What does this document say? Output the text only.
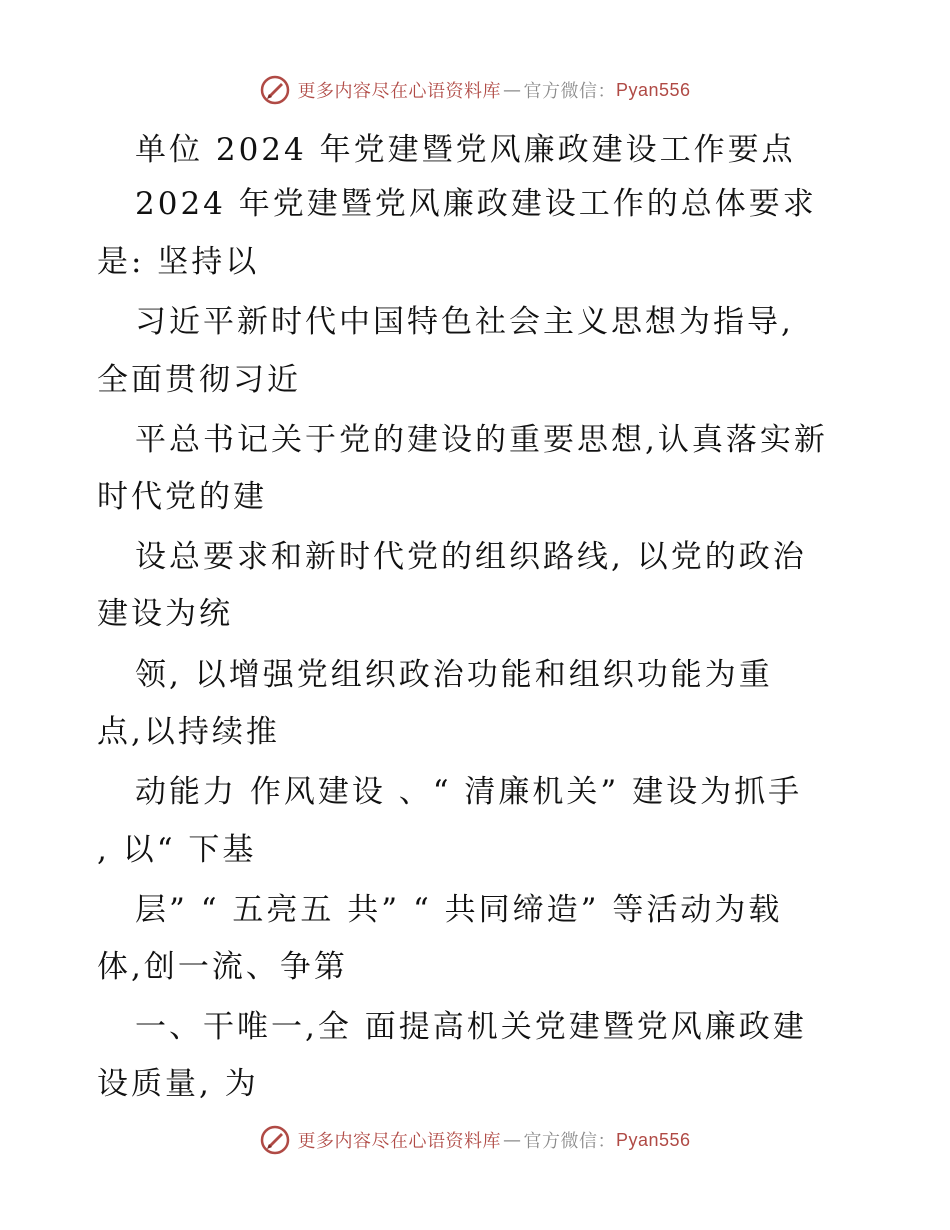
更多内容尽在心语资料库 — 官方微信： Pyan556
单位 2024 年党建暨党风廉政建设工作要点
2024 年党建暨党风廉政建设工作的总体要求
是: 坚持以
习近平新时代中国特色社会主义思想为指导,
全面贯彻习近
平总书记关于党的建设的重要思想,认真落实新
时代党的建
设总要求和新时代党的组织路线, 以党的政治
建设为统
领, 以增强党组织政治功能和组织功能为重
点,以持续推
动能力 作风建设 、“ 清廉机关” 建设为抓手
, 以“ 下基
层” “ 五亮五 共” “ 共同缔造” 等活动为载
体,创一流、争第
一、干唯一,全 面提高机关党建暨党风廉政建
设质量, 为
更多内容尽在心语资料库 — 官方微信： Pyan556
